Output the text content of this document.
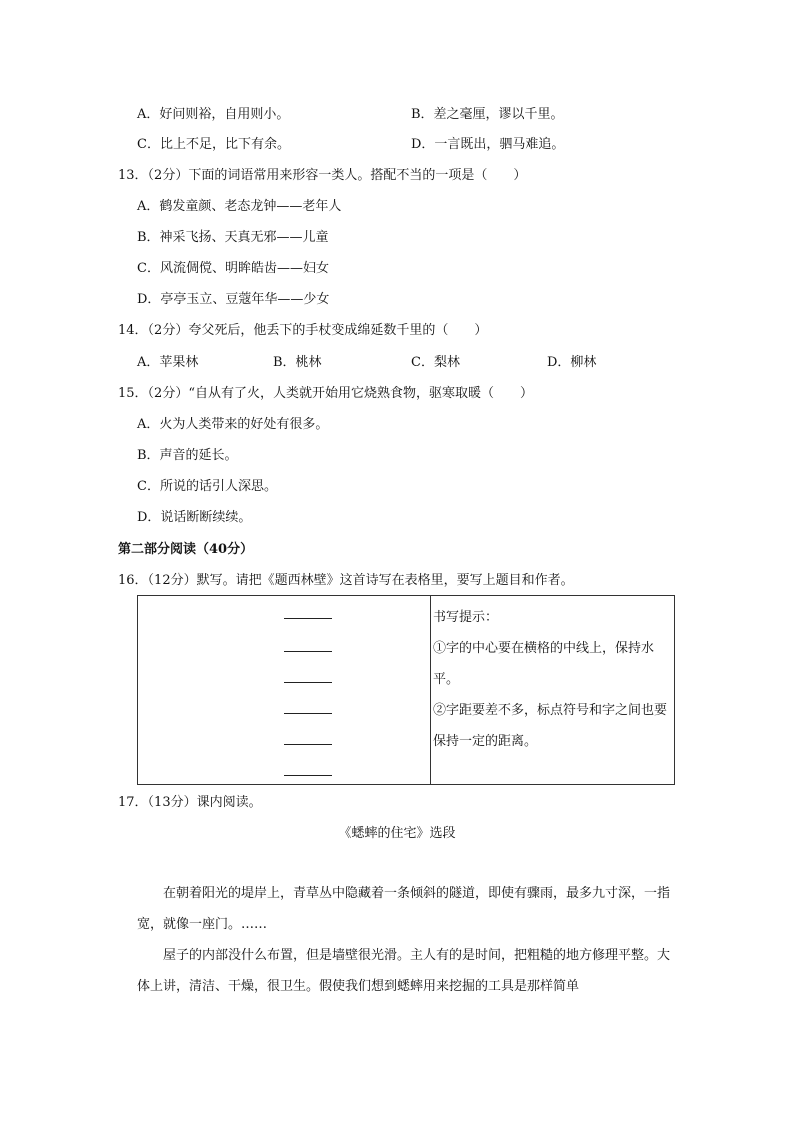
A．好问则裕，自用则小。	B．差之毫厘，谬以千里。
C．比上不足，比下有余。	D．一言既出，驷马难追。
13．（2分）下面的词语常用来形容一类人。搭配不当的一项是（　　）
A．鹤发童颜、老态龙钟——老年人
B．神采飞扬、天真无邪——儿童
C．风流倜傥、明眸皓齿——妇女
D．亭亭玉立、豆蔻年华——少女
14．（2分）夸父死后，他丢下的手杖变成绵延数千里的（　　）
A．苹果林	B．桃林	C．梨林	D．柳林
15．（2分）“自从有了火，人类就开始用它烧熟食物，驱寒取暖（　　）
A．火为人类带来的好处有很多。
B．声音的延长。
C．所说的话引人深思。
D．说话断断续续。
第二部分阅读（40分）
16．（12分）默写。请把《题西林壁》这首诗写在表格里，要写上题目和作者。
书写提示：
①字的中心要在横格的中线上，保持水平。
②字距要差不多，标点符号和字之间也要保持一定的距离。
17．（13分）课内阅读。
《蟋蟀的住宅》选段
在朝着阳光的堤岸上，青草丛中隐藏着一条倾斜的隧道，即使有骤雨，最多九寸深，一指宽，就像一座门。……
屋子的内部没什么布置，但是墙壁很光滑。主人有的是时间，把粗糙的地方修理平整。大体上讲，清洁、干燥，很卫生。假使我们想到蟋蟀用来挖掘的工具是那样简单
